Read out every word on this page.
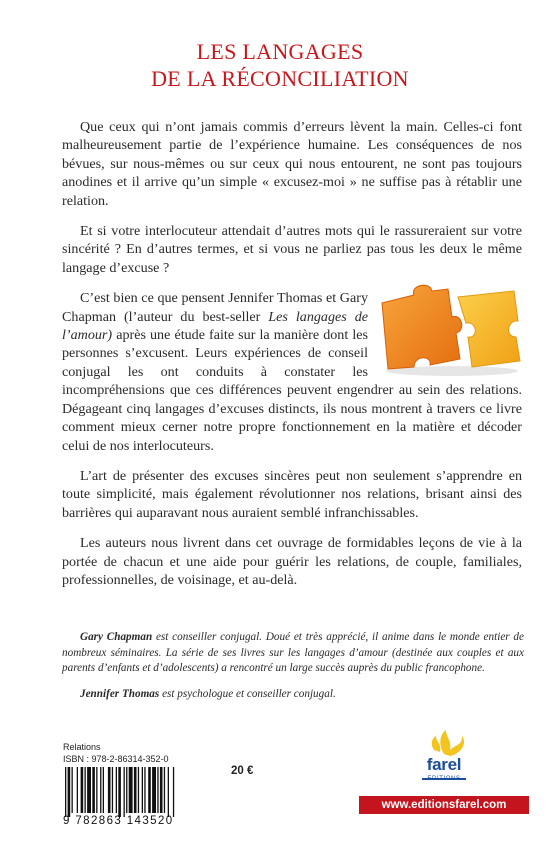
LES LANGAGES
DE LA RÉCONCILIATION

Que ceux qui n’ont jamais commis d’erreurs lèvent la main. Celles-ci font malheureusement partie de l’expérience humaine. Les conséquences de nos bévues, sur nous-mêmes ou sur ceux qui nous entourent, ne sont pas toujours anodines et il arrive qu’un simple « excusez-moi » ne suffise pas à rétablir une relation.

Et si votre interlocuteur attendait d’autres mots qui le rassureraient sur votre sincérité ? En d’autres termes, et si vous ne parliez pas tous les deux le même langage d’excuse ?

C’est bien ce que pensent Jennifer Thomas et Gary Chapman (l’auteur du best-seller Les langages de l’amour) après une étude faite sur la manière dont les personnes s’excusent. Leurs expériences de conseil conjugal les ont conduits à constater les incompréhensions que ces différences peuvent engendrer au sein des relations. Dégageant cinq langages d’excuses distincts, ils nous montrent à travers ce livre comment mieux cerner notre propre fonctionnement en la matière et décoder celui de nos interlocuteurs.

L’art de présenter des excuses sincères peut non seulement s’apprendre en toute simplicité, mais également révolutionner nos relations, brisant ainsi des barrières qui auparavant nous auraient semblé infranchissables.

Les auteurs nous livrent dans cet ouvrage de formidables leçons de vie à la portée de chacun et une aide pour guérir les relations, de couple, familiales, professionnelles, de voisinage, et au-delà.

Gary Chapman est conseiller conjugal. Doué et très apprécié, il anime dans le monde entier de nombreux séminaires. La série de ses livres sur les langages d’amour (destinée aux couples et aux parents d’enfants et d’adolescents) a rencontré un large succès auprès du public francophone.

Jennifer Thomas est psychologue et conseiller conjugal.

Relations
ISBN : 978-2-86314-352-0
20 €
9 782863 143520
farel
EDITIONS
www.editionsfarel.com
